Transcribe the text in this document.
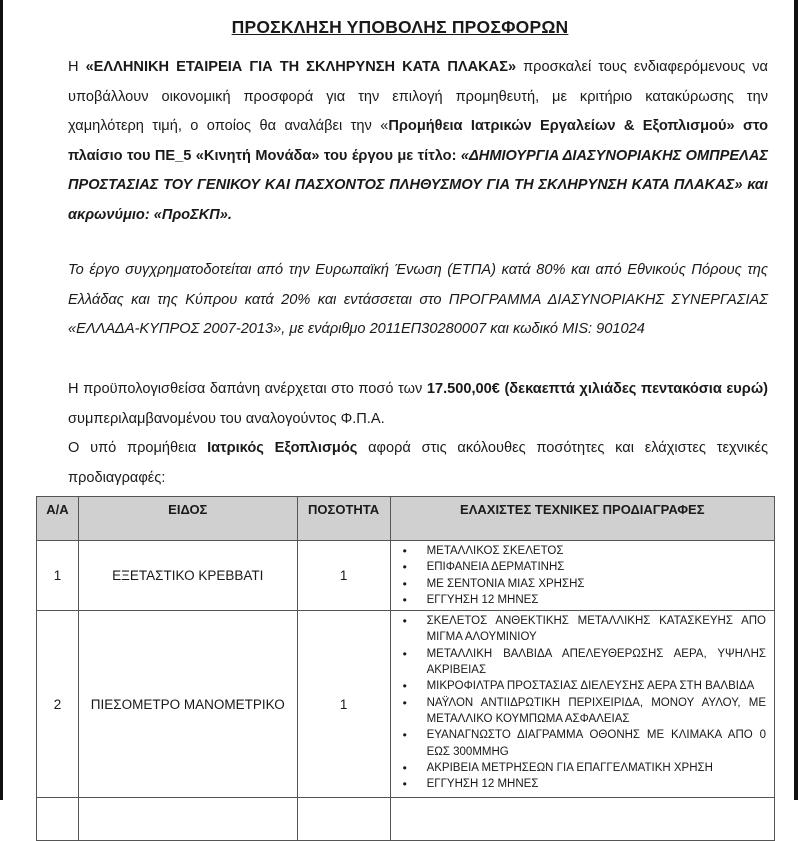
ΠΡΟΣΚΛΗΣΗ ΥΠΟΒΟΛΗΣ ΠΡΟΣΦΟΡΩΝ
Η «ΕΛΛΗΝΙΚΗ ΕΤΑΙΡΕΙΑ ΓΙΑ ΤΗ ΣΚΛΗΡΥΝΣΗ ΚΑΤΑ ΠΛΑΚΑΣ» προσκαλεί τους ενδιαφερόμενους να
υποβάλλουν οικονομική προσφορά για την επιλογή προμηθευτή, με κριτήριο κατακύρωσης την
χαμηλότερη τιμή, ο οποίος θα αναλάβει την «Προμήθεια Ιατρικών Εργαλείων & Εξοπλισμού» στο
πλαίσιο του ΠΕ_5 «Κινητή Μονάδα» του έργου με τίτλο: «ΔΗΜΙΟΥΡΓΙΑ ΔΙΑΣΥΝΟΡΙΑΚΗΣ ΟΜΠΡΕΛΑΣ
ΠΡΟΣΤΑΣΙΑΣ ΤΟΥ ΓΕΝΙΚΟΥ ΚΑΙ ΠΑΣΧΟΝΤΟΣ ΠΛΗΘΥΣΜΟΥ ΓΙΑ ΤΗ ΣΚΛΗΡΥΝΣΗ ΚΑΤΑ ΠΛΑΚΑΣ» και
ακρωνύμιο: «ΠροΣΚΠ».
Το έργο συγχρηματοδοτείται από την Ευρωπαϊκή Ένωση (ΕΤΠΑ) κατά 80% και από Εθνικούς Πόρους της
Ελλάδας και της Κύπρου κατά 20% και εντάσσεται στο ΠΡΟΓΡΑΜΜΑ ΔΙΑΣΥΝΟΡΙΑΚΗΣ ΣΥΝΕΡΓΑΣΙΑΣ
«ΕΛΛΑΔΑ-ΚΥΠΡΟΣ 2007-2013», με ενάριθμο 2011ΕΠ30280007 και κωδικό MIS: 901024
Η προϋπολογισθείσα δαπάνη ανέρχεται στο ποσό των 17.500,00€ (δεκαεπτά χιλιάδες πεντακόσια ευρώ)
συμπεριλαμβανομένου του αναλογούντος Φ.Π.Α.
Ο υπό προμήθεια Ιατρικός Εξοπλισμός αφορά στις ακόλουθες ποσότητες και ελάχιστες τεχνικές
προδιαγραφές:
Α/Α	ΕΙΔΟΣ	ΠΟΣΟΤΗΤΑ	ΕΛΑΧΙΣΤΕΣ ΤΕΧΝΙΚΕΣ ΠΡΟΔΙΑΓΡΑΦΕΣ
1	ΕΞΕΤΑΣΤΙΚΟ ΚΡΕΒΒΑΤΙ	1	
• ΜΕΤΑΛΛΙΚΟΣ ΣΚΕΛΕΤΟΣ
• ΕΠΙΦΑΝΕΙΑ ΔΕΡΜΑΤΙΝΗΣ
• ΜΕ ΣΕΝΤΟΝΙΑ ΜΙΑΣ ΧΡΗΣΗΣ
• ΕΓΓΥΗΣΗ 12 ΜΗΝΕΣ

2	ΠΙΕΣΟΜΕΤΡΟ ΜΑΝΟΜΕΤΡΙΚΟ	1	
• ΣΚΕΛΕΤΟΣ ΑΝΘΕΚΤΙΚΗΣ ΜΕΤΑΛΛΙΚΗΣ ΚΑΤΑΣΚΕΥΗΣ ΑΠΟ ΜΙΓΜΑ ΑΛΟΥΜΙΝΙΟΥ
• ΜΕΤΑΛΛΙΚΗ ΒΑΛΒΙΔΑ ΑΠΕΛΕΥΘΕΡΩΣΗΣ ΑΕΡΑ, ΥΨΗΛΗΣ ΑΚΡΙΒΕΙΑΣ
• ΜΙΚΡΟΦΙΛΤΡΑ ΠΡΟΣΤΑΣΙΑΣ ΔΙΕΛΕΥΣΗΣ ΑΕΡΑ ΣΤΗ ΒΑΛΒΙΔΑ
• ΝΑΫΛΟΝ ΑΝΤΙΙΔΡΩΤΙΚΗ ΠΕΡΙΧΕΙΡΙΔΑ, ΜΟΝΟΥ ΑΥΛΟΥ, ΜΕ ΜΕΤΑΛΛΙΚΟ ΚΟΥΜΠΩΜΑ ΑΣΦΑΛΕΙΑΣ
• ΕΥΑΝΑΓΝΩΣΤΟ ΔΙΑΓΡΑΜΜΑ ΟΘΟΝΗΣ ΜΕ ΚΛΙΜΑΚΑ ΑΠΟ 0 ΕΩΣ 300MMHG
• ΑΚΡΙΒΕΙΑ ΜΕΤΡΗΣΕΩΝ ΓΙΑ ΕΠΑΓΓΕΛΜΑΤΙΚΗ ΧΡΗΣΗ
• ΕΓΓΥΗΣΗ 12 ΜΗΝΕΣ
